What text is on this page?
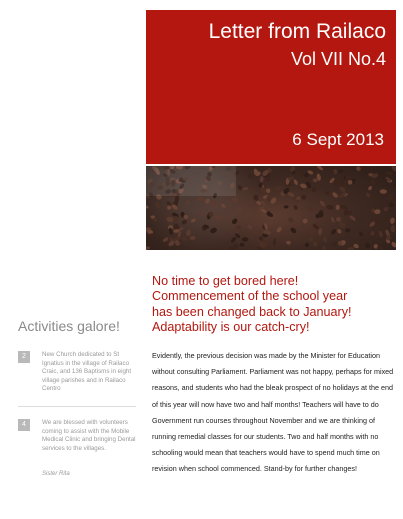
Letter from Railaco
Vol VII No.4
6 Sept 2013
Activities galore!
2	New Church dedicated to St Ignatius in the village of Railaco Craic, and 136 Baptisms in eight village parishes and in Railaco Centro
4	We are blessed with volunteers coming to assist with the Mobile Medical Clinic and bringing Dental services to the villages.
Sister Rita
No time to get bored here!
Commencement of the school year
has been changed back to January!
Adaptability is our catch-cry!
Evidently, the previous decision was made by the Minister for Education without consulting Parliament. Parliament was not happy, perhaps for mixed reasons, and students who had the bleak prospect of no holidays at the end of this year will now have two and half months! Teachers will have to do Government run courses throughout November and we are thinking of running remedial classes for our students. Two and half months with no schooling would mean that teachers would have to spend much time on revision when school commenced. Stand-by for further changes!
